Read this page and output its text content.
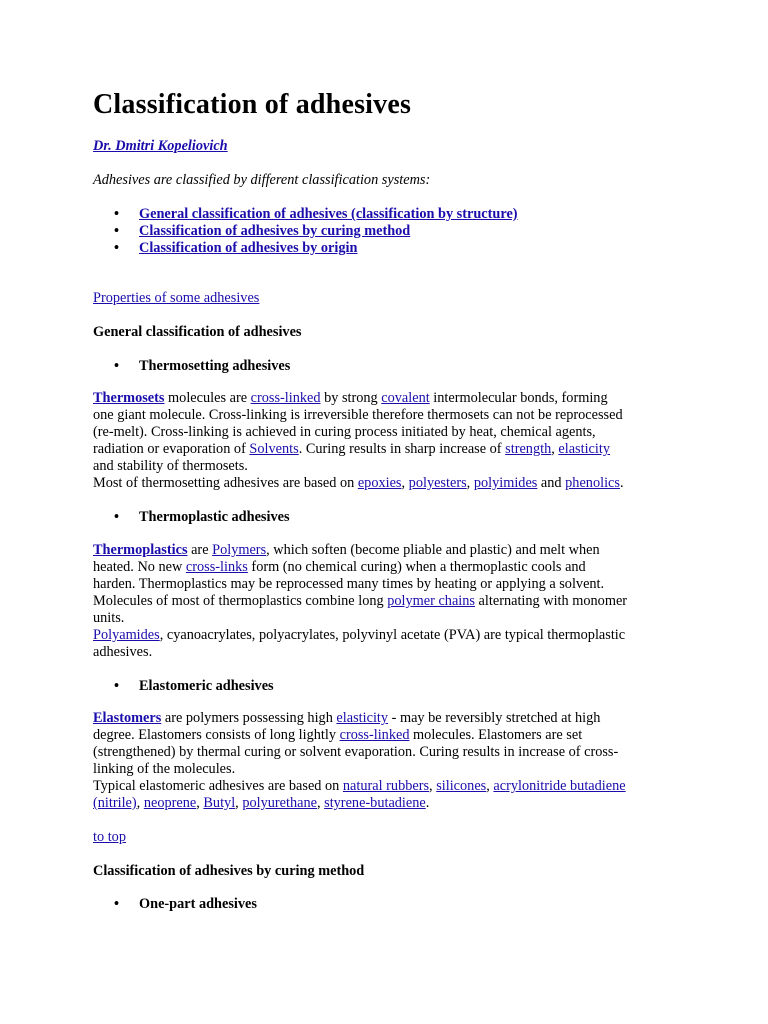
Classification of adhesives
Dr. Dmitri Kopeliovich
Adhesives are classified by different classification systems:
• General classification of adhesives (classification by structure)
• Classification of adhesives by curing method
• Classification of adhesives by origin
Properties of some adhesives
General classification of adhesives
• Thermosetting adhesives

Thermosets molecules are cross-linked by strong covalent intermolecular bonds, forming

one giant molecule. Cross-linking is irreversible therefore thermosets can not be reprocessed

(re-melt). Cross-linking is achieved in curing process initiated by heat, chemical agents,

radiation or evaporation of Solvents. Curing results in sharp increase of strength, elasticity

and stability of thermosets.

Most of thermosetting adhesives are based on epoxies, polyesters, polyimides and phenolics.

• Thermoplastic adhesives

Thermoplastics are Polymers, which soften (become pliable and plastic) and melt when

heated. No new cross-links form (no chemical curing) when a thermoplastic cools and

harden. Thermoplastics may be reprocessed many times by heating or applying a solvent.

Molecules of most of thermoplastics combine long polymer chains alternating with monomer

units.

Polyamides, cyanoacrylates, polyacrylates, polyvinyl acetate (PVA) are typical thermoplastic

adhesives.

• Elastomeric adhesives

Elastomers are polymers possessing high elasticity - may be reversibly stretched at high

degree. Elastomers consists of long lightly cross-linked molecules. Elastomers are set

(strengthened) by thermal curing or solvent evaporation. Curing results in increase of cross-

linking of the molecules.

Typical elastomeric adhesives are based on natural rubbers, silicones, acrylonitride butadiene

(nitrile), neoprene, Butyl, polyurethane, styrene-butadiene.

to top
Classification of adhesives by curing method
• One-part adhesives
